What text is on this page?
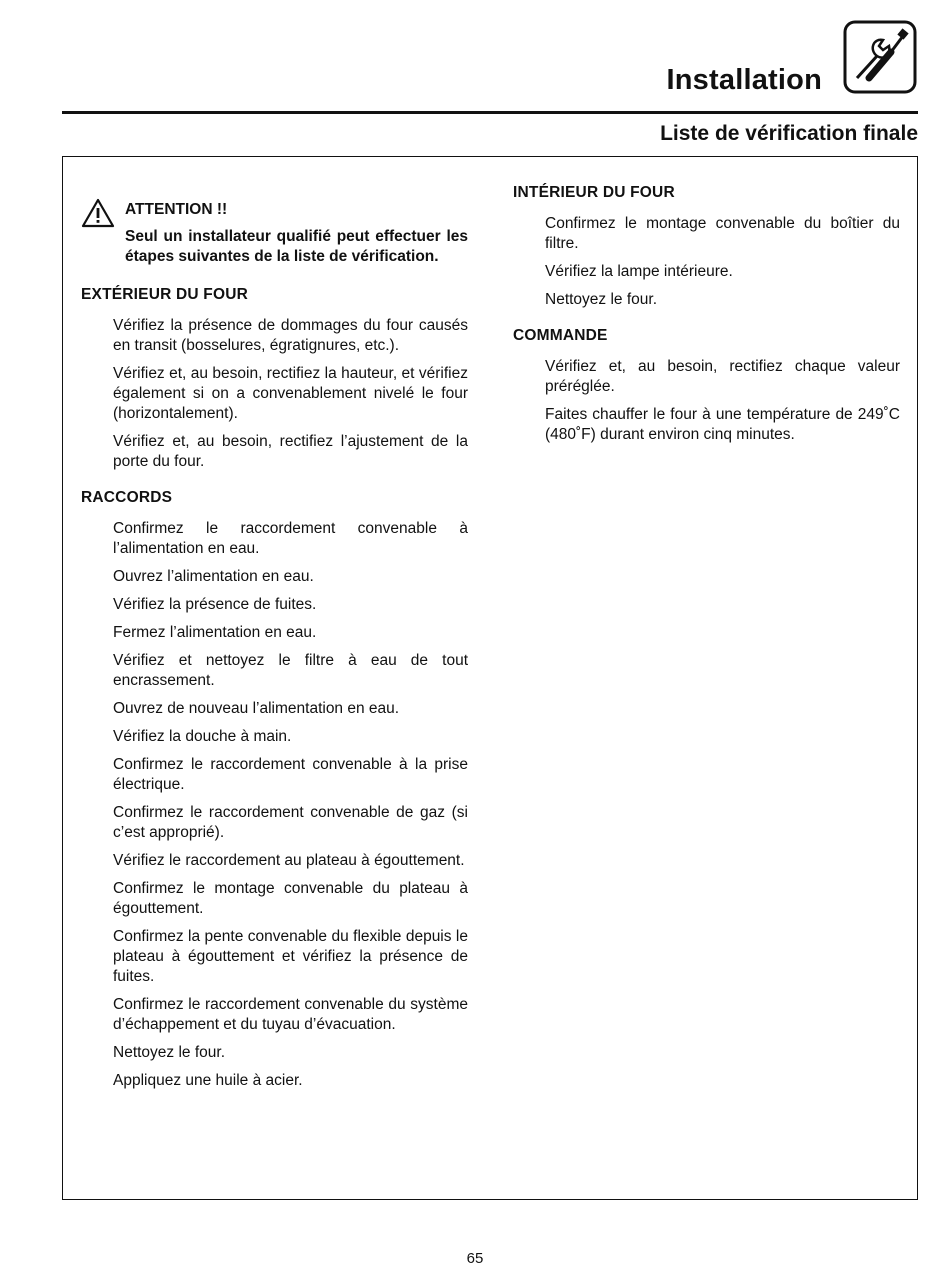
Installation
Liste de vérification finale
ATTENTION !!
Seul un installateur qualifié peut effectuer les étapes suivantes de la liste de vérification.
EXTÉRIEUR DU FOUR
Vérifiez la présence de dommages du four causés en transit (bosselures, égratignures, etc.).
Vérifiez et, au besoin, rectifiez la hauteur, et vérifiez également si on a convenablement nivelé le four (horizontalement).
Vérifiez et, au besoin, rectifiez l’ajustement de la porte du four.
RACCORDS
Confirmez le raccordement convenable à l’alimentation en eau.
Ouvrez l’alimentation en eau.
Vérifiez la présence de fuites.
Fermez l’alimentation en eau.
Vérifiez et nettoyez le filtre à eau de tout encrassement.
Ouvrez de nouveau l’alimentation en eau.
Vérifiez la douche à main.
Confirmez le raccordement convenable à la prise électrique.
Confirmez le raccordement convenable de gaz (si c’est approprié).
Vérifiez le raccordement au plateau à égouttement.
Confirmez le montage convenable du plateau à égouttement.
Confirmez la pente convenable du flexible depuis le plateau à égouttement et vérifiez la présence de fuites.
Confirmez le raccordement convenable du système d’échappement et du tuyau d’évacuation.
Nettoyez le four.
Appliquez une huile à acier.
INTÉRIEUR DU FOUR
Confirmez le montage convenable du boîtier du filtre.
Vérifiez la lampe intérieure.
Nettoyez le four.
COMMANDE
Vérifiez et, au besoin, rectifiez chaque valeur préréglée.
Faites chauffer le four à une température de 249˚C (480˚F) durant environ cinq minutes.
65
